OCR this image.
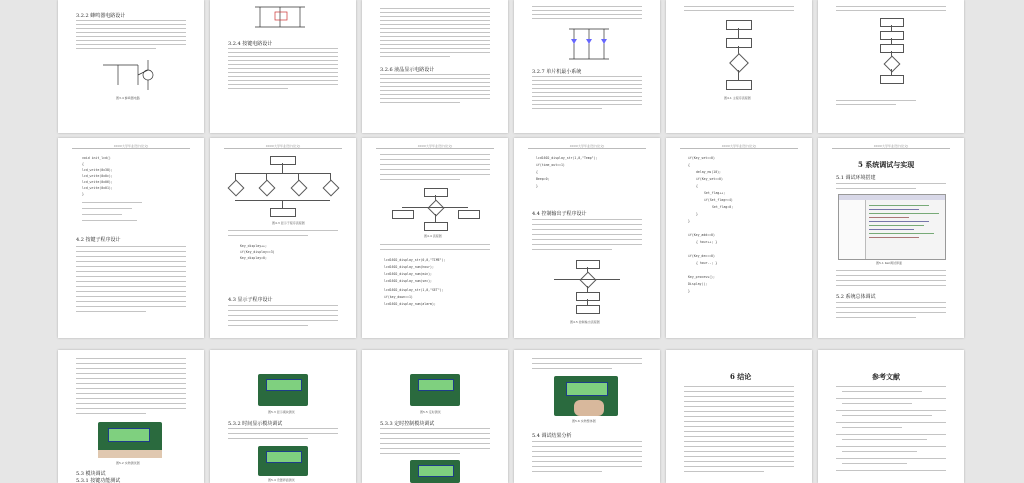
3.2.2 蜂鸣器电路设计
图3.4 蜂鸣器电路
3.2.4 按键电路设计
3.2.6 液晶显示电路设计	3.2.7 单片机最小系统
图4.1 主程序流程图
XXXX大学毕业设计(论文)
void init_lcd()
{
lcd_write(0x38);
lcd_write(0x0c);
lcd_write(0x06);
lcd_write(0x01);
}
4.2 按键子程序设计
XXXX大学毕业设计(论文)
图4.3 显示子程序流程图
Key_display++;
if(Key_display==3)
Key_display=0;
4.3 显示子程序设计
XXXX大学毕业设计(论文)
图4.4 流程图
lcd1602_display_str(0,0,"TIME");
lcd1602_display_num(hour);
lcd1602_display_num(min);
lcd1602_display_num(sec);
lcd1602_display_str(1,0,"SET");
if(key_down==1)
lcd1602_display_num(alarm);
XXXX大学毕业设计(论文)
lcd1602_display_str(1,0,"Temp");
if(time_out==1)
{
Beep=0;
}
4.4 控制输出子程序设计
图4.5 控制输出流程图
XXXX大学毕业设计(论文)
if(Key_set==0)
{
delay_ms(10);
if(Key_set==0)
{
Set_flag++;
if(Set_flag>=4)
Set_flag=0;
}
}
if(Key_add==0)
{ hour++; }
if(Key_dec==0)
{ hour--; }
Key_process();
Display();
}
XXXX大学毕业设计(论文)
5 系统调试与实现
5.1 调试环境搭建
图5.1 Keil调试界面
5.2 系统总体调试
图5.2 实物测试图
5.3 模块调试
5.3.1 按键功能测试
图5.3 显示模块测试
5.3.2 时间显示模块调试
图5.4 设置界面测试
图5.5 定时测试
5.3.3 定时控制模块调试	图5.6 实物整体图
5.4 调试结果分析
6 结论	参考文献
